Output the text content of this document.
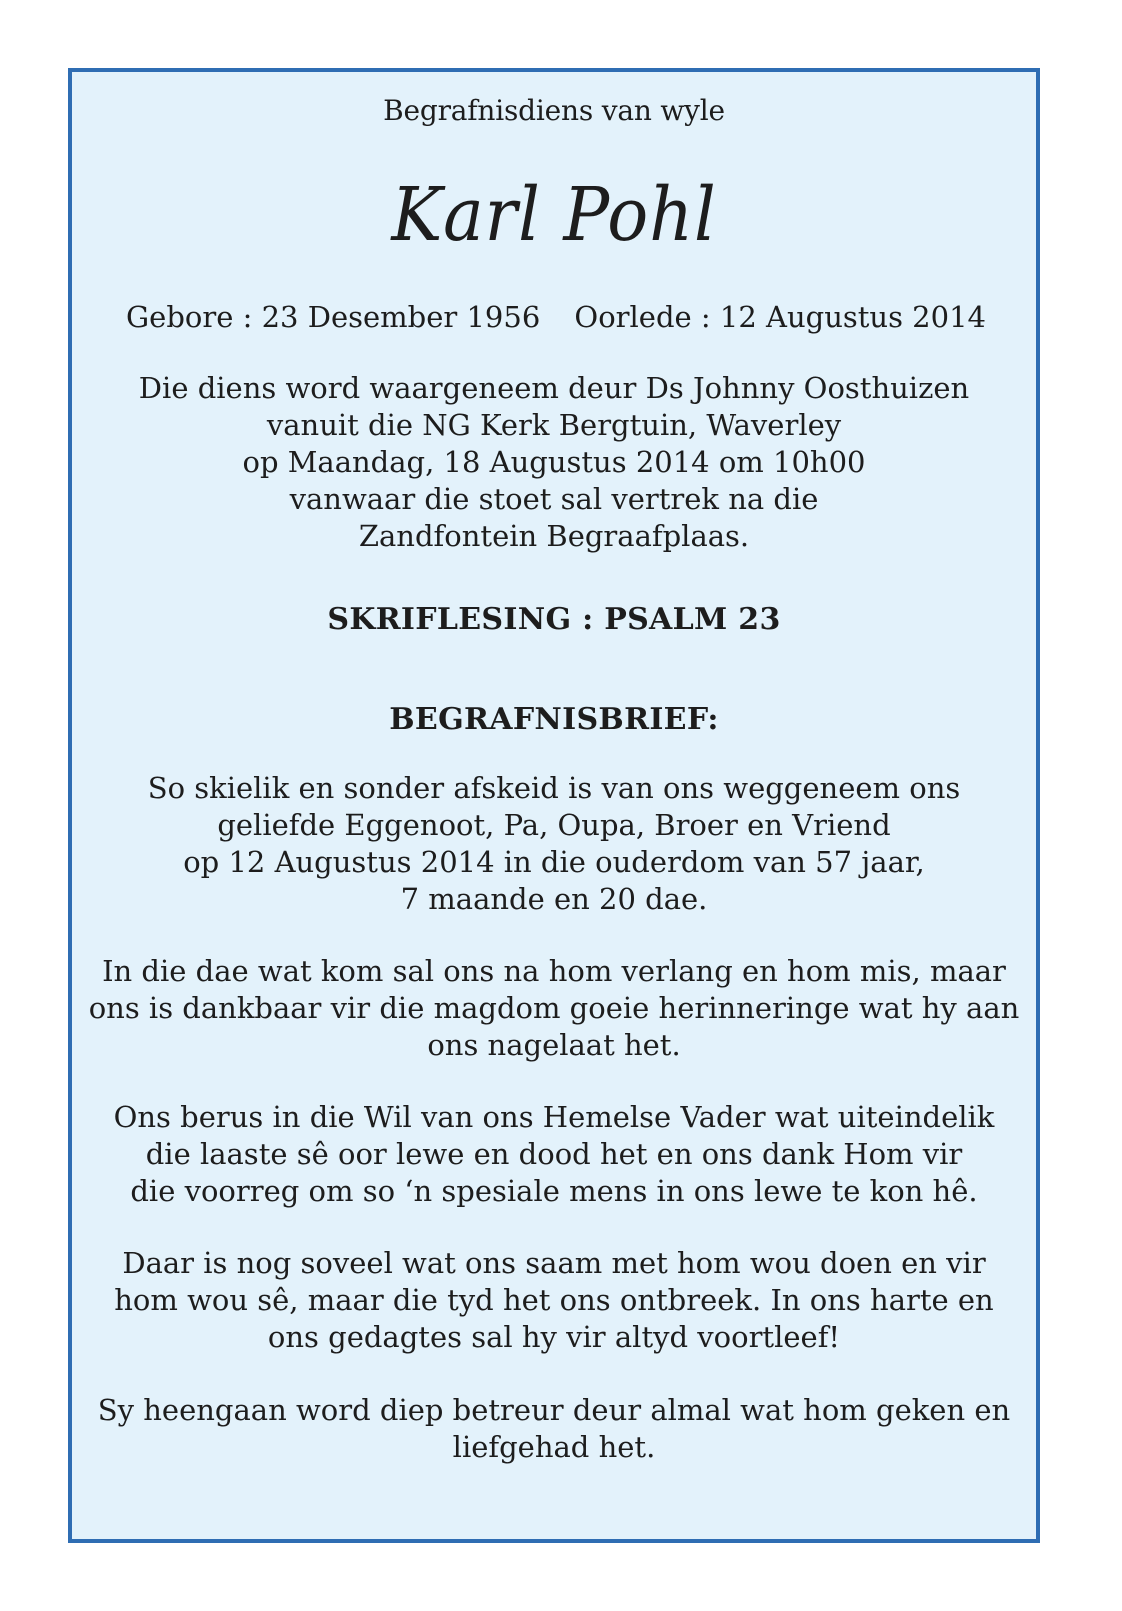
Begrafnisdiens van wyle
Karl Pohl
Gebore : 23 Desember 1956 Oorlede : 12 Augustus 2014
Die diens word waargeneem deur Ds Johnny Oosthuizen
vanuit die NG Kerk Bergtuin, Waverley
op Maandag, 18 Augustus 2014 om 10h00
vanwaar die stoet sal vertrek na die
Zandfontein Begraafplaas.
SKRIFLESING : PSALM 23
BEGRAFNISBRIEF:
So skielik en sonder afskeid is van ons weggeneem ons
geliefde Eggenoot, Pa, Oupa, Broer en Vriend
op 12 Augustus 2014 in die ouderdom van 57 jaar,
7 maande en 20 dae.
In die dae wat kom sal ons na hom verlang en hom mis, maar
ons is dankbaar vir die magdom goeie herinneringe wat hy aan
ons nagelaat het.
Ons berus in die Wil van ons Hemelse Vader wat uiteindelik
die laaste sê oor lewe en dood het en ons dank Hom vir
die voorreg om so ‘n spesiale mens in ons lewe te kon hê.
Daar is nog soveel wat ons saam met hom wou doen en vir
hom wou sê, maar die tyd het ons ontbreek. In ons harte en
ons gedagtes sal hy vir altyd voortleef!
Sy heengaan word diep betreur deur almal wat hom geken en
liefgehad het.
